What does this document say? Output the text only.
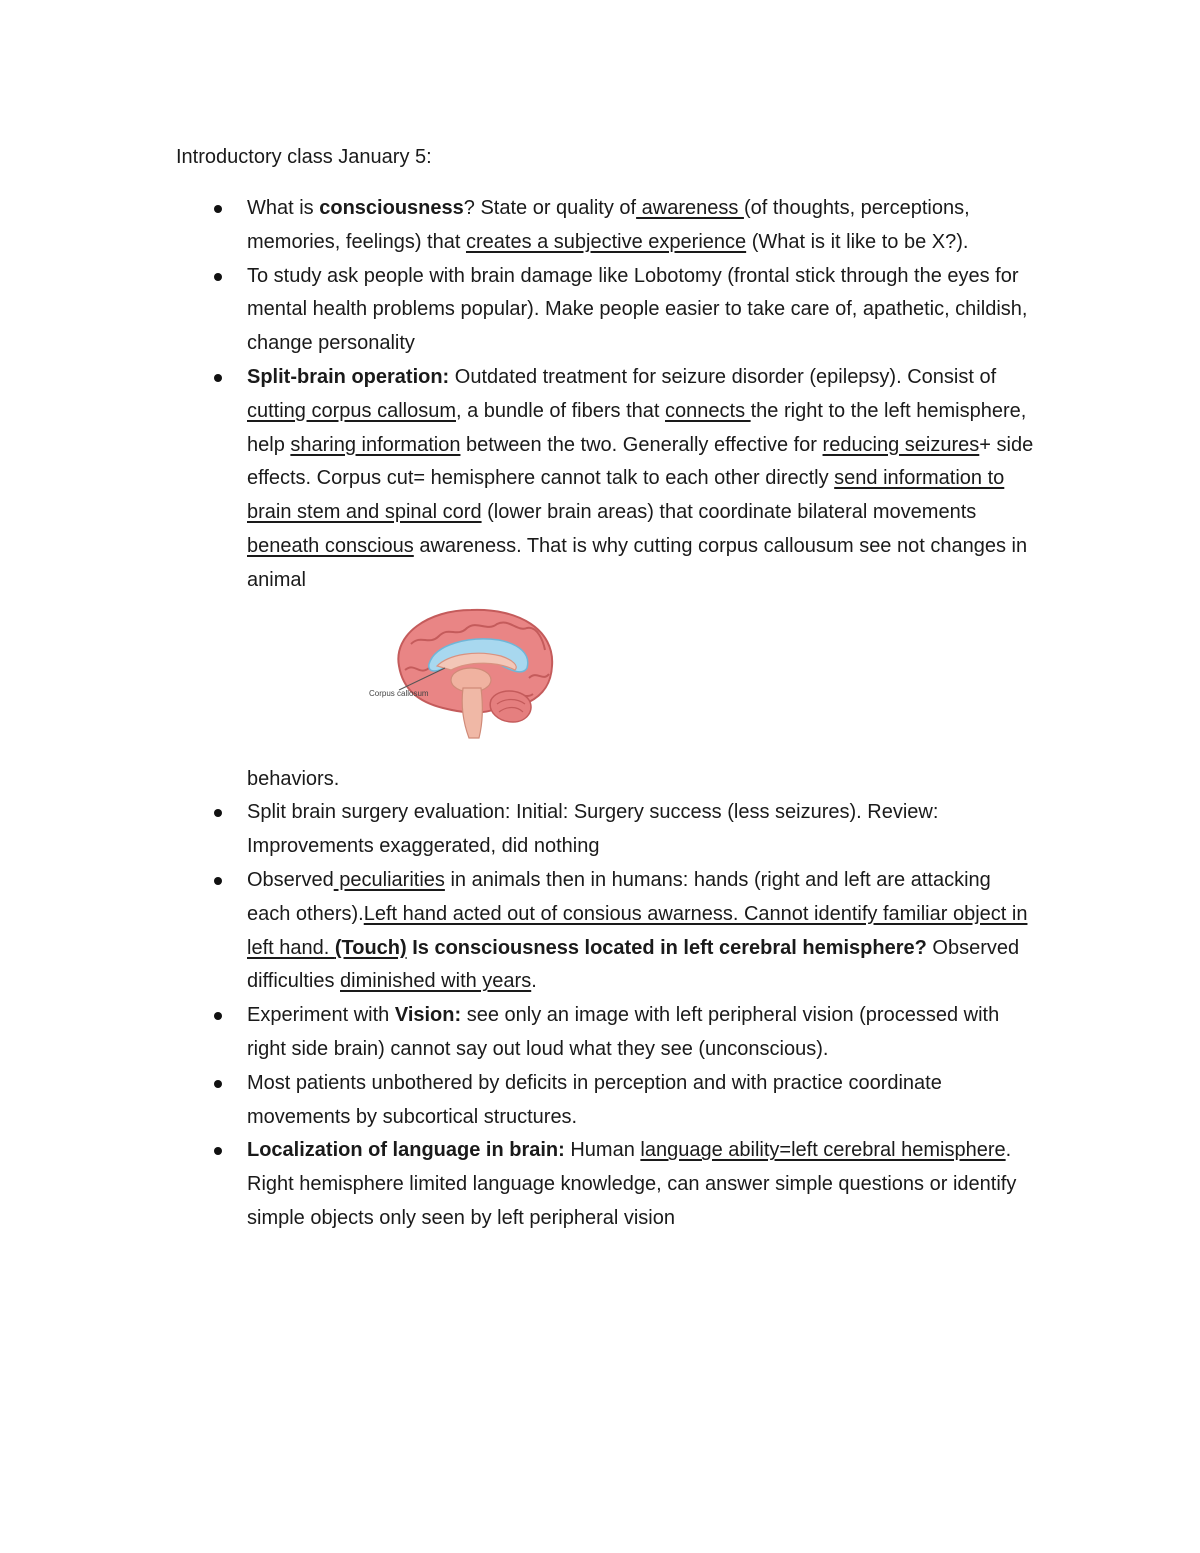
Introductory class January 5:

What is consciousness? State or quality of awareness (of thoughts, perceptions, memories, feelings) that creates a subjective experience (What is it like to be X?).
To study ask people with brain damage like Lobotomy (frontal stick through the eyes for mental health problems popular). Make people easier to take care of, apathetic, childish, change personality
Split-brain operation: Outdated treatment for seizure disorder (epilepsy). Consist of cutting corpus callosum, a bundle of fibers that connects the right to the left hemisphere, help sharing information between the two. Generally effective for reducing seizures+ side effects. Corpus cut= hemisphere cannot talk to each other directly send information to brain stem and spinal cord (lower brain areas) that coordinate bilateral movements beneath conscious awareness. That is why cutting corpus callousum see not changes in animal
Corpus callosum
behaviors.
Split brain surgery evaluation: Initial: Surgery success (less seizures). Review: Improvements exaggerated, did nothing
Observed peculiarities in animals then in humans: hands (right and left are attacking each others).Left hand acted out of consious awarness. Cannot identify familiar object in left hand. (Touch) Is consciousness located in left cerebral hemisphere? Observed difficulties diminished with years.
Experiment with Vision: see only an image with left peripheral vision (processed with right side brain) cannot say out loud what they see (unconscious).
Most patients unbothered by deficits in perception and with practice coordinate movements by subcortical structures.
Localization of language in brain: Human language ability=left cerebral hemisphere. Right hemisphere limited language knowledge, can answer simple questions or identify simple objects only seen by left peripheral vision
